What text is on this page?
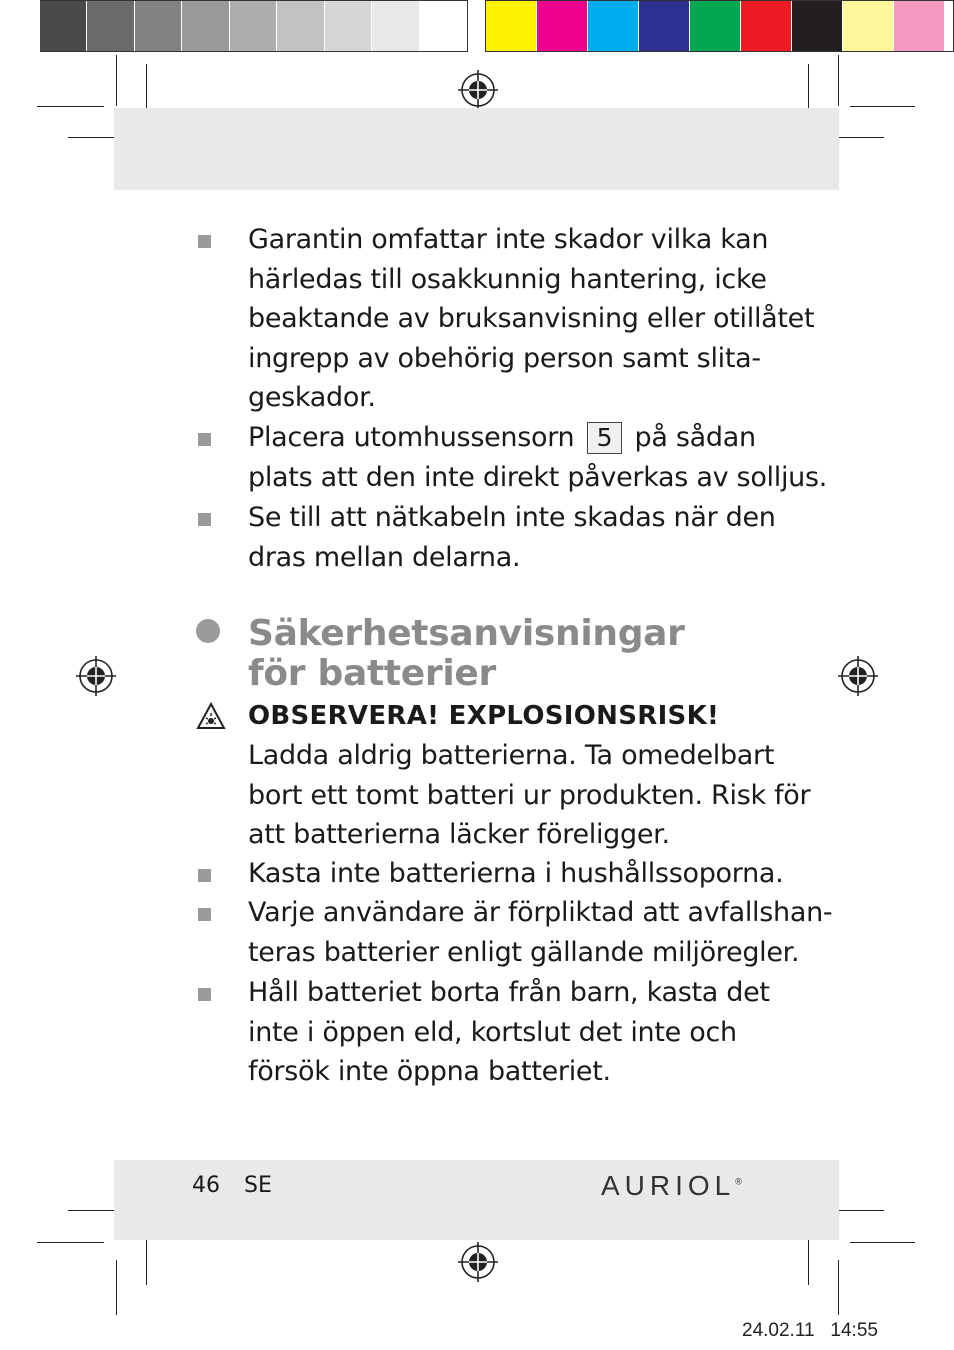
Garantin omfattar inte skador vilka kan
härledas till osakkunnig hantering, icke
beaktande av bruksanvisning eller otillåtet
ingrepp av obehörig person samt slita-
geskador.
Placera utomhussensorn 5 på sådan
plats att den inte direkt påverkas av solljus.
Se till att nätkabeln inte skadas när den
dras mellan delarna.
Säkerhetsanvisningar
för batterier
OBSERVERA! EXPLOSIONSRISK!
Ladda aldrig batterierna. Ta omedelbart
bort ett tomt batteri ur produkten. Risk för
att batterierna läcker föreligger.
Kasta inte batterierna i hushållssoporna.
Varje användare är förpliktad att avfallshan-
teras batterier enligt gällande miljöregler.
Håll batteriet borta från barn, kasta det
inte i öppen eld, kortslut det inte och
försök inte öppna batteriet.
46 SE	AURIOL®
24.02.11 14:55
